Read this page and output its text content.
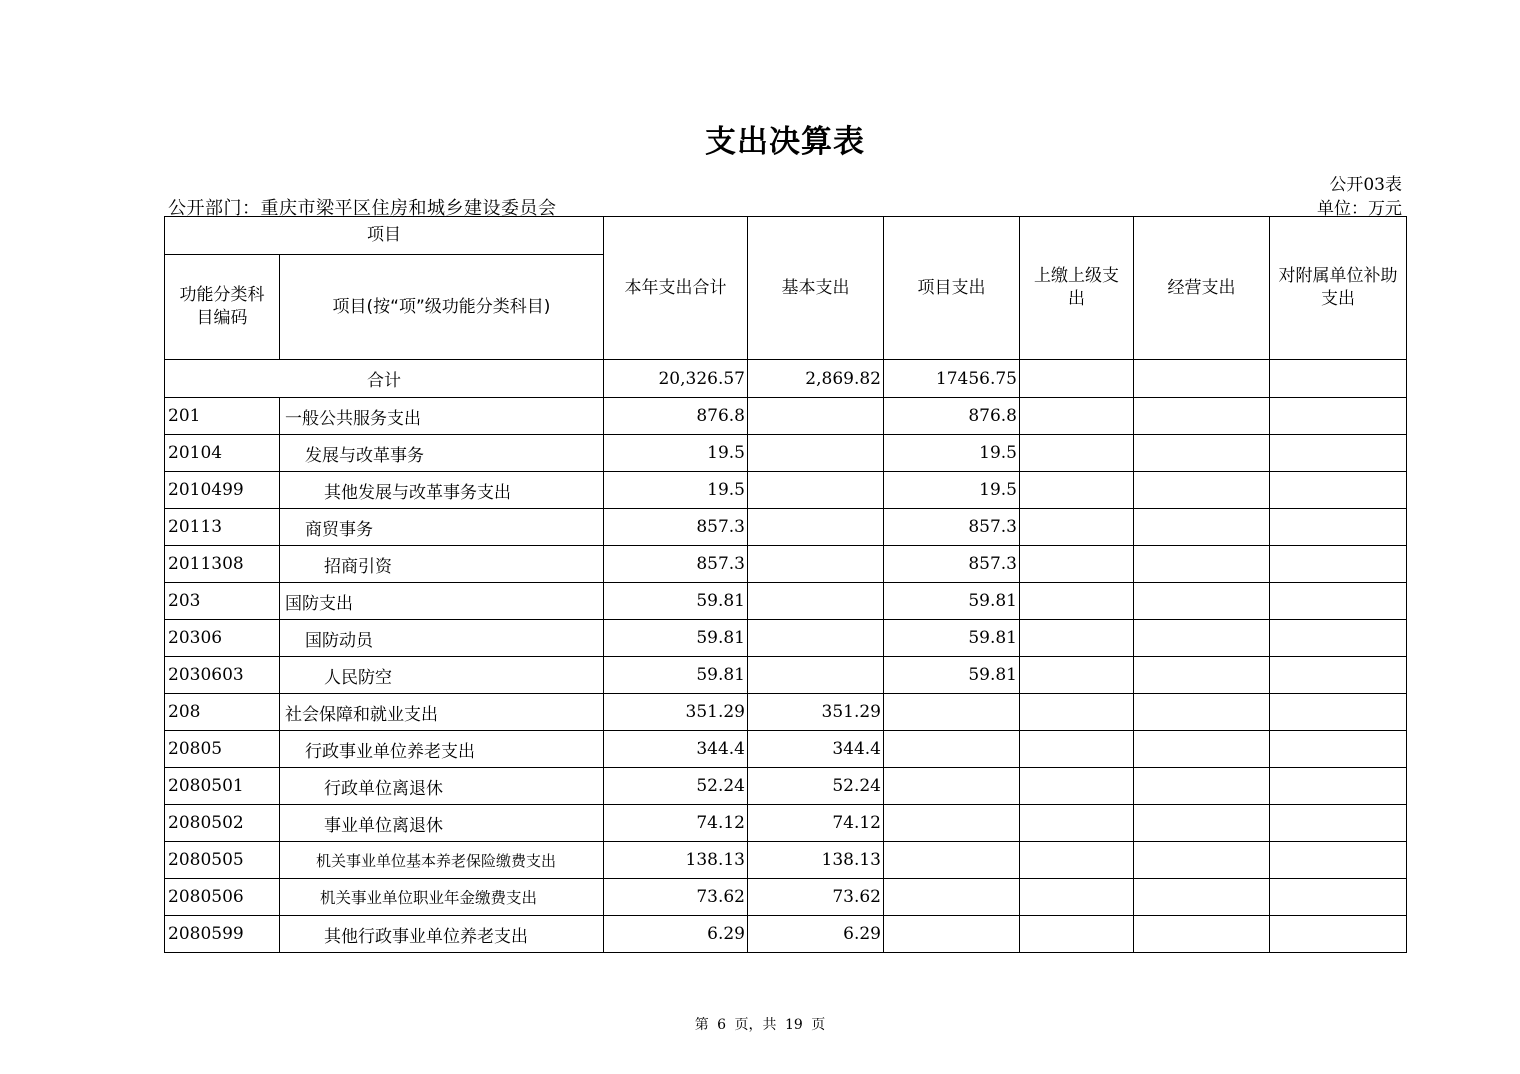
支出决算表
公开03表
公开部门：重庆市梁平区住房和城乡建设委员会	单位：万元
项目		本年支出合计	基本支出	项目支出	上缴上级支出	经营支出	对附属单位补助支出
功能分类科目编码	项目(按“项”级功能分类科目)						
合计		20,326.57	2,869.82	17456.75			
201	一般公共服务支出	876.8		876.8			
20104	发展与改革事务	19.5		19.5			
2010499	其他发展与改革事务支出	19.5		19.5			
20113	商贸事务	857.3		857.3			
2011308	招商引资	857.3		857.3			
203	国防支出	59.81		59.81			
20306	国防动员	59.81		59.81			
2030603	人民防空	59.81		59.81			
208	社会保障和就业支出	351.29	351.29				
20805	行政事业单位养老支出	344.4	344.4				
2080501	行政单位离退休	52.24	52.24				
2080502	事业单位离退休	74.12	74.12				
2080505	机关事业单位基本养老保险缴费支出	138.13	138.13				
2080506	机关事业单位职业年金缴费支出	73.62	73.62				
2080599	其他行政事业单位养老支出	6.29	6.29				
第 6 页，共 19 页
